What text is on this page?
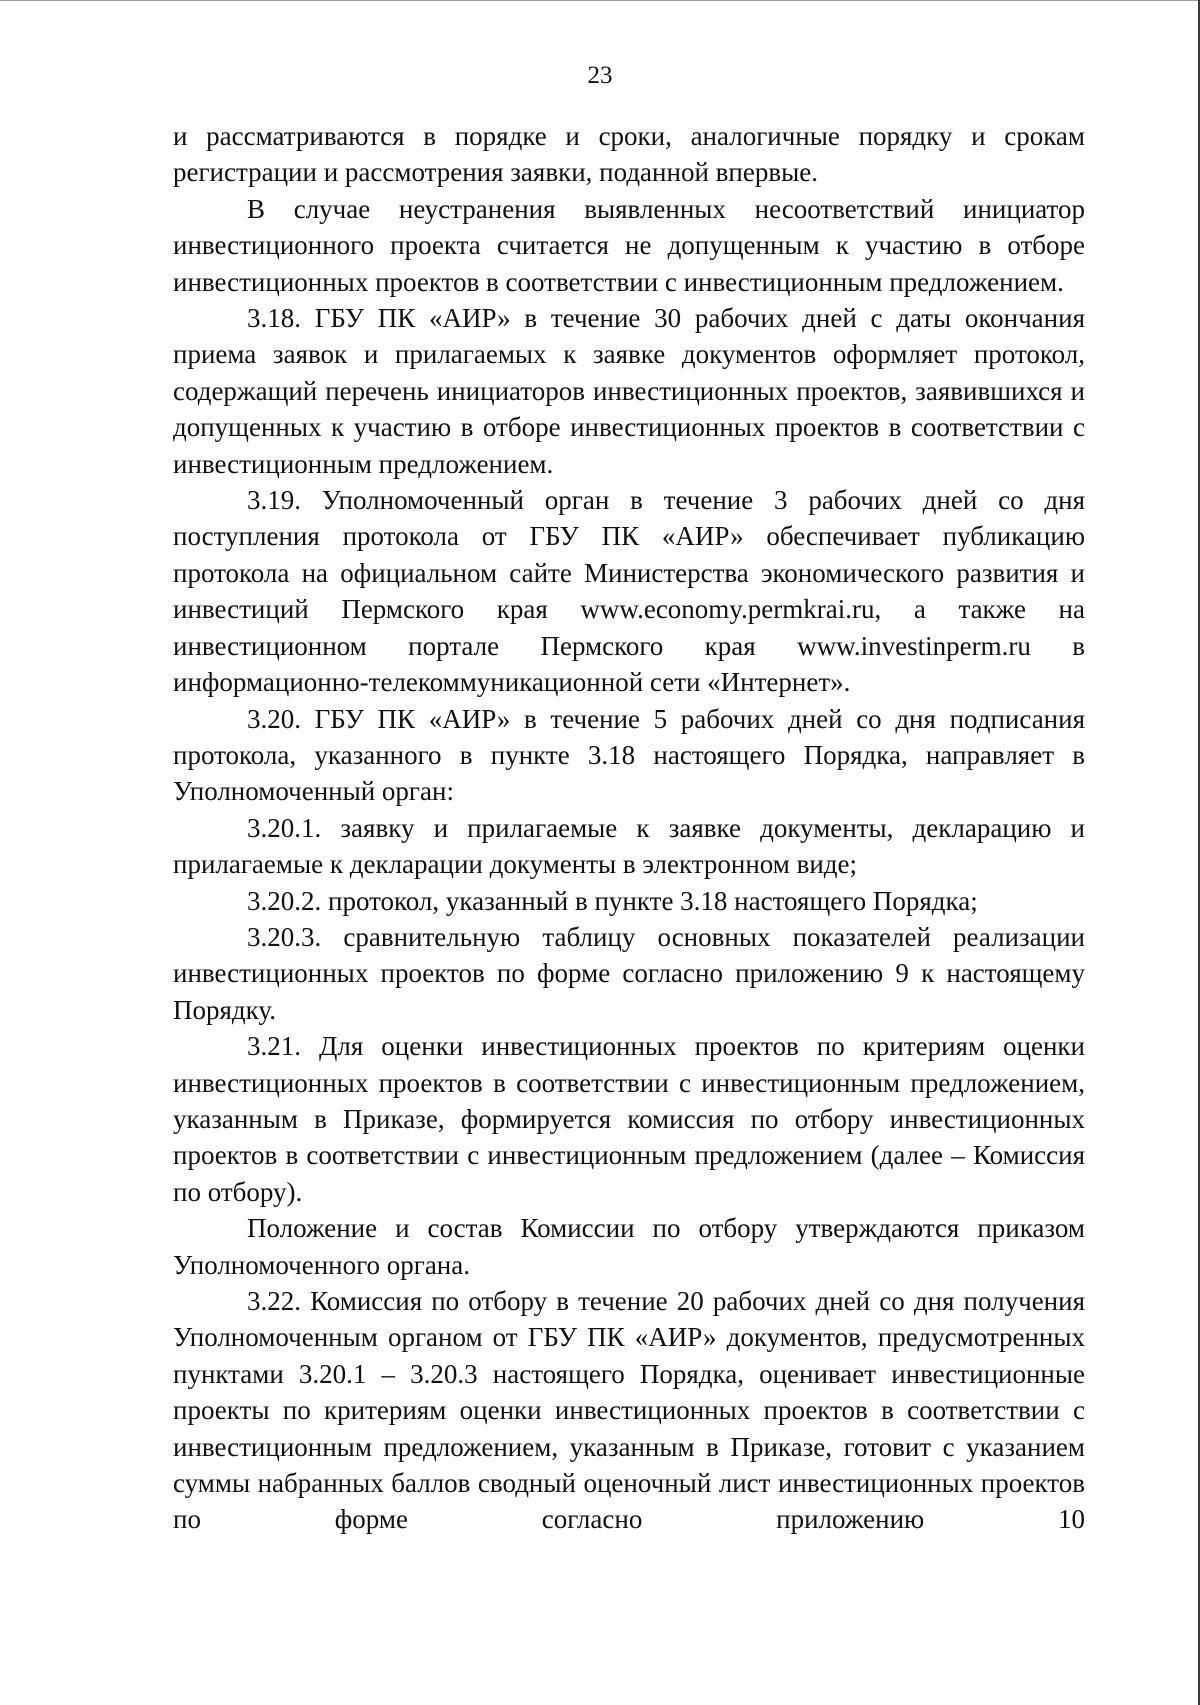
23

и рассматриваются в порядке и сроки, аналогичные порядку и срокам регистрации и рассмотрения заявки, поданной впервые.

В случае неустранения выявленных несоответствий инициатор инвестиционного проекта считается не допущенным к участию в отборе инвестиционных проектов в соответствии с инвестиционным предложением.

3.18. ГБУ ПК «АИР» в течение 30 рабочих дней с даты окончания приема заявок и прилагаемых к заявке документов оформляет протокол, содержащий перечень инициаторов инвестиционных проектов, заявившихся и допущенных к участию в отборе инвестиционных проектов в соответствии с инвестиционным предложением.

3.19. Уполномоченный орган в течение 3 рабочих дней со дня поступления протокола от ГБУ ПК «АИР» обеспечивает публикацию протокола на официальном сайте Министерства экономического развития и инвестиций Пермского края www.economy.permkrai.ru, а также на инвестиционном портале Пермского края www.investinperm.ru в информационно-телекоммуникационной сети «Интернет».

3.20. ГБУ ПК «АИР» в течение 5 рабочих дней со дня подписания протокола, указанного в пункте 3.18 настоящего Порядка, направляет в Уполномоченный орган:

3.20.1. заявку и прилагаемые к заявке документы, декларацию и прилагаемые к декларации документы в электронном виде;

3.20.2. протокол, указанный в пункте 3.18 настоящего Порядка;

3.20.3. сравнительную таблицу основных показателей реализации инвестиционных проектов по форме согласно приложению 9 к настоящему Порядку.

3.21. Для оценки инвестиционных проектов по критериям оценки инвестиционных проектов в соответствии с инвестиционным предложением, указанным в Приказе, формируется комиссия по отбору инвестиционных проектов в соответствии с инвестиционным предложением (далее – Комиссия по отбору).

Положение и состав Комиссии по отбору утверждаются приказом Уполномоченного органа.

3.22. Комиссия по отбору в течение 20 рабочих дней со дня получения Уполномоченным органом от ГБУ ПК «АИР» документов, предусмотренных пунктами 3.20.1 – 3.20.3 настоящего Порядка, оценивает инвестиционные проекты по критериям оценки инвестиционных проектов в соответствии с инвестиционным предложением, указанным в Приказе, готовит с указанием суммы набранных баллов сводный оценочный лист инвестиционных проектов по форме согласно приложению 10
